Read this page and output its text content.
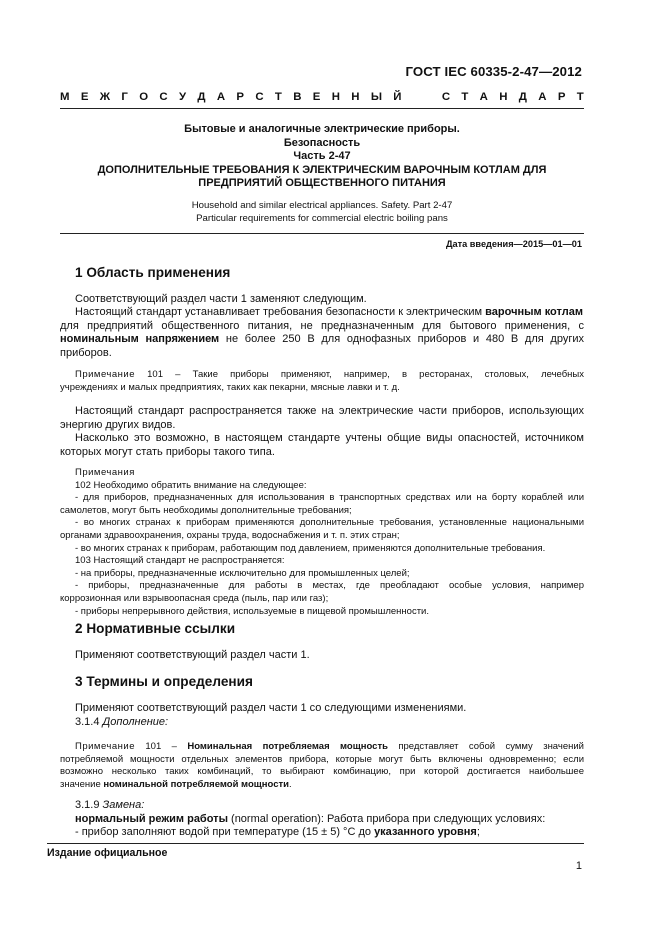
ГОСТ IEC 60335-2-47—2012
М Е Ж Г О С У Д А Р С Т В Е Н Н Ы Й

	С Т А Н Д А Р Т
Бытовые и аналогичные электрические приборы.
Безопасность
Часть 2-47
ДОПОЛНИТЕЛЬНЫЕ ТРЕБОВАНИЯ К ЭЛЕКТРИЧЕСКИМ ВАРОЧНЫМ КОТЛАМ ДЛЯ
ПРЕДПРИЯТИЙ ОБЩЕСТВЕННОГО ПИТАНИЯ
Household and similar electrical appliances. Safety. Part 2-47
Particular requirements for commercial electric boiling pans
Дата введения—2015—01—01
1 Область применения
Соответствующий раздел части 1 заменяют следующим.
Настоящий стандарт устанавливает требования безопасности к электрическим варочным котлам
для предприятий общественного питания, не предназначенным для бытового применения, с
номинальным напряжением не более 250 В для однофазных приборов и 480 В для других
приборов.
Примечание 101 – Такие приборы применяют, например, в ресторанах, столовых, лечебных
учреждениях и малых предприятиях, таких как пекарни, мясные лавки и т. д.
Настоящий стандарт распространяется также на электрические части приборов, использующих
энергию других видов.
Насколько это возможно, в настоящем стандарте учтены общие виды опасностей, источником
которых могут стать приборы такого типа.
Примечания
102 Необходимо обратить внимание на следующее:
- для приборов, предназначенных для использования в транспортных средствах или на борту кораблей или
самолетов, могут быть необходимы дополнительные требования;
- во многих странах к приборам применяются дополнительные требования, установленные национальными
органами здравоохранения, охраны труда, водоснабжения и т. п. этих стран;
- во многих странах к приборам, работающим под давлением, применяются дополнительные требования.
103 Настоящий стандарт не распространяется:
- на приборы, предназначенные исключительно для промышленных целей;
- приборы, предназначенные для работы в местах, где преобладают особые условия, например
коррозионная или взрывоопасная среда (пыль, пар или газ);
- приборы непрерывного действия, используемые в пищевой промышленности.
2 Нормативные ссылки
Применяют соответствующий раздел части 1.
3 Термины и определения
Применяют соответствующий раздел части 1 со следующими изменениями.
3.1.4 Дополнение:
Примечание 101 – Номинальная потребляемая мощность представляет собой сумму значений
потребляемой мощности отдельных элементов прибора, которые могут быть включены одновременно; если
возможно несколько таких комбинаций, то выбирают комбинацию, при которой достигается наибольшее
значение номинальной потребляемой мощности.
3.1.9 Замена:
нормальный режим работы (normal operation): Работа прибора при следующих условиях:
- прибор заполняют водой при температуре (15 ± 5) °С до указанного уровня;
Издание официальное
1
